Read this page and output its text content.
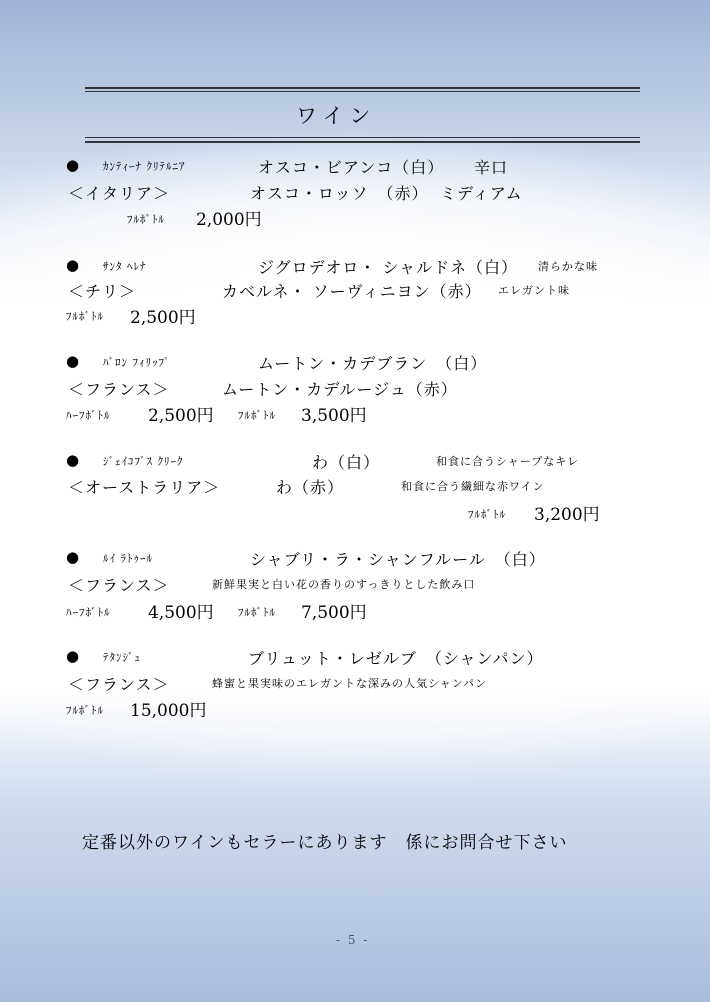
ワイン
● ｶﾝﾃｨｰﾅ ｸﾘﾃﾙﾆｱ	オスコ・ビアンコ（白） 辛口
＜イタリア＞	オスコ・ロッソ　（赤） ミディアム
ﾌﾙﾎﾞﾄﾙ 2,000円
● ｻﾝﾀ ﾍﾚﾅ	ジグロデオロ・ シャルドネ（白） 清らかな味
＜チリ＞	カベルネ・ ソーヴィニヨン（赤） エレガント味
ﾌﾙﾎﾞﾄﾙ 2,500円
● ﾊﾞﾛﾝ ﾌｨﾘｯﾌﾟ	ムートン・カデブラン　（白）
＜フランス＞	ムートン・カデルージュ（赤）
ﾊｰﾌﾎﾞﾄﾙ 2,500円 ﾌﾙﾎﾞﾄﾙ 3,500円
● ｼﾞｪｲｺﾌﾞｽ ｸﾘｰｸ	わ（白）	和食に合うシャープなキレ
＜オーストラリア＞	わ（赤）	和食に合う繊細な赤ワイン
ﾌﾙﾎﾞﾄﾙ 3,200円
● ﾙｲ ﾗﾄｩｰﾙ	シャブリ・ラ・シャンフルール　（白）
＜フランス＞	新鮮果実と白い花の香りのすっきりとした飲み口
ﾊｰﾌﾎﾞﾄﾙ 4,500円 ﾌﾙﾎﾞﾄﾙ 7,500円
● ﾃﾀﾝｼﾞｭ	ブリュット・レゼルブ　（シャンパン）
＜フランス＞	蜂蜜と果実味のエレガントな深みの人気シャンパン
ﾌﾙﾎﾞﾄﾙ 15,000円
定番以外のワインもセラーにあります　係にお問合せ下さい
- 5 -
